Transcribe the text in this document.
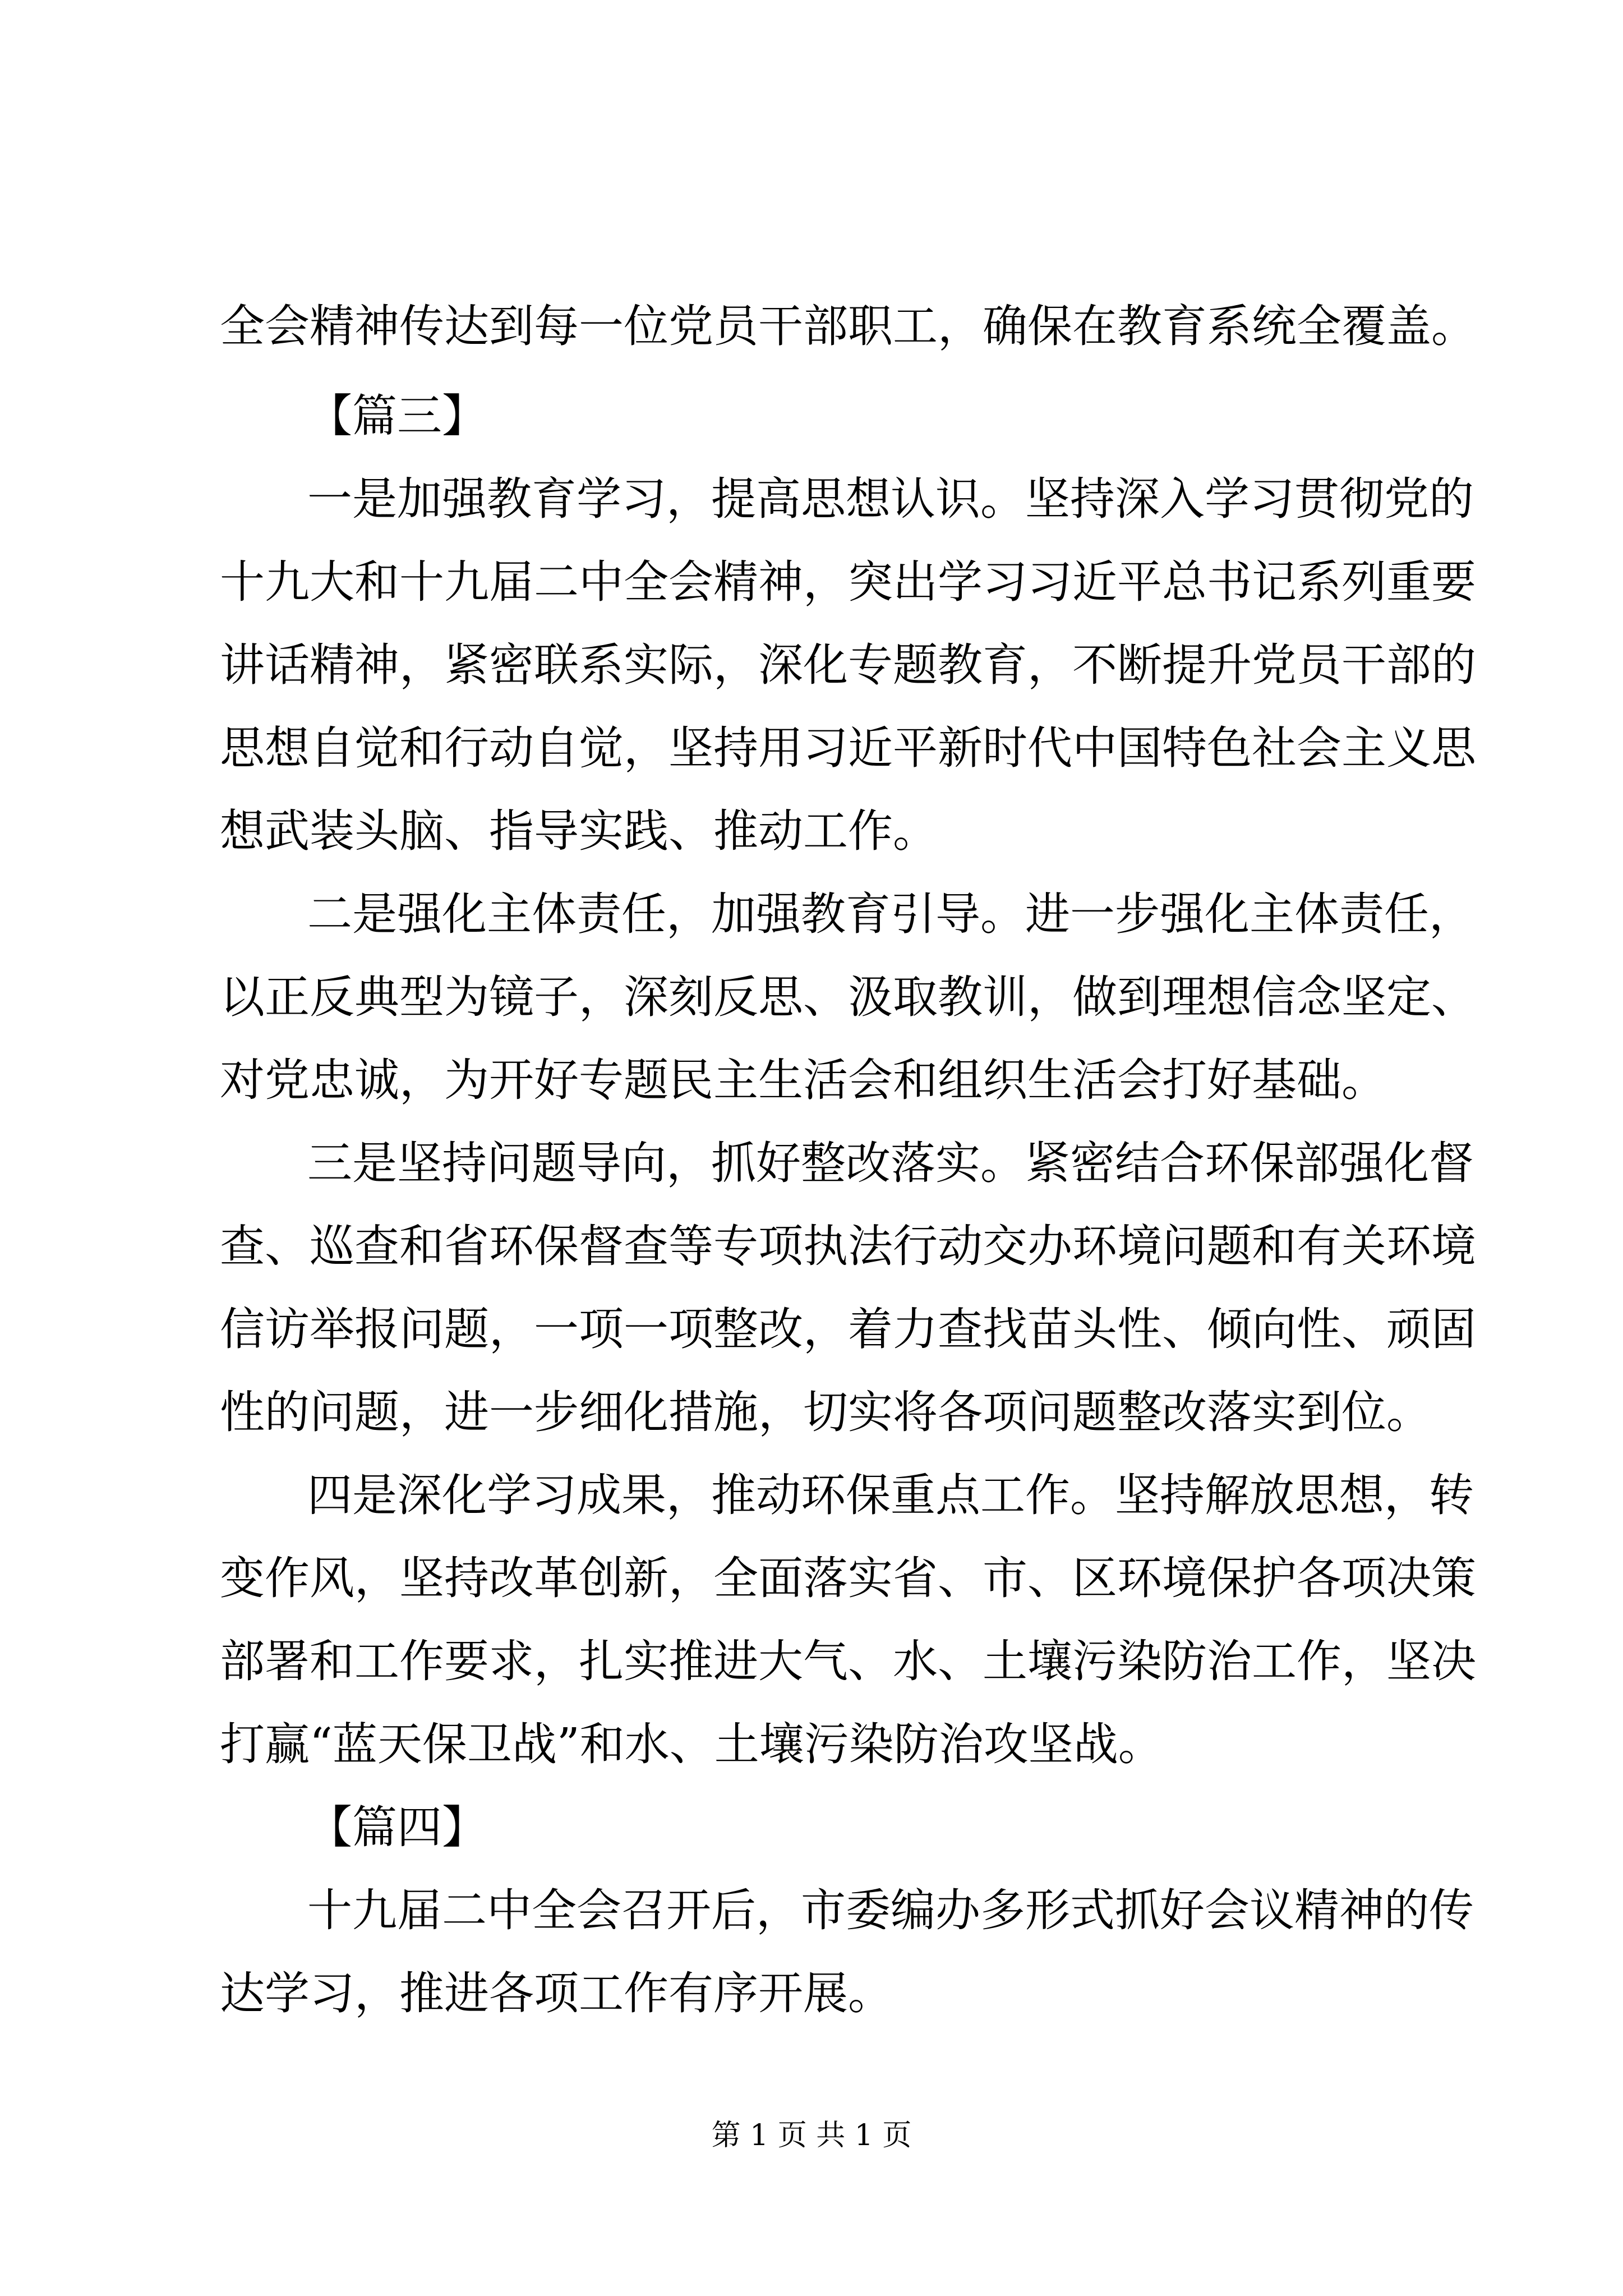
全会精神传达到每一位党员干部职工，确保在教育系统全覆盖。
【篇三】
一是加强教育学习，提高思想认识。坚持深入学习贯彻党的
十九大和十九届二中全会精神，突出学习习近平总书记系列重要
讲话精神，紧密联系实际，深化专题教育，不断提升党员干部的
思想自觉和行动自觉，坚持用习近平新时代中国特色社会主义思
想武装头脑、指导实践、推动工作。
二是强化主体责任，加强教育引导。进一步强化主体责任，
以正反典型为镜子，深刻反思、汲取教训，做到理想信念坚定、
对党忠诚，为开好专题民主生活会和组织生活会打好基础。
三是坚持问题导向，抓好整改落实。紧密结合环保部强化督
查、巡查和省环保督查等专项执法行动交办环境问题和有关环境
信访举报问题，一项一项整改，着力查找苗头性、倾向性、顽固
性的问题，进一步细化措施，切实将各项问题整改落实到位。
四是深化学习成果，推动环保重点工作。坚持解放思想，转
变作风，坚持改革创新，全面落实省、市、区环境保护各项决策
部署和工作要求，扎实推进大气、水、土壤污染防治工作，坚决
打赢“蓝天保卫战”和水、土壤污染防治攻坚战。
【篇四】
十九届二中全会召开后，市委编办多形式抓好会议精神的传
达学习，推进各项工作有序开展。
第 1 页 共 1 页
